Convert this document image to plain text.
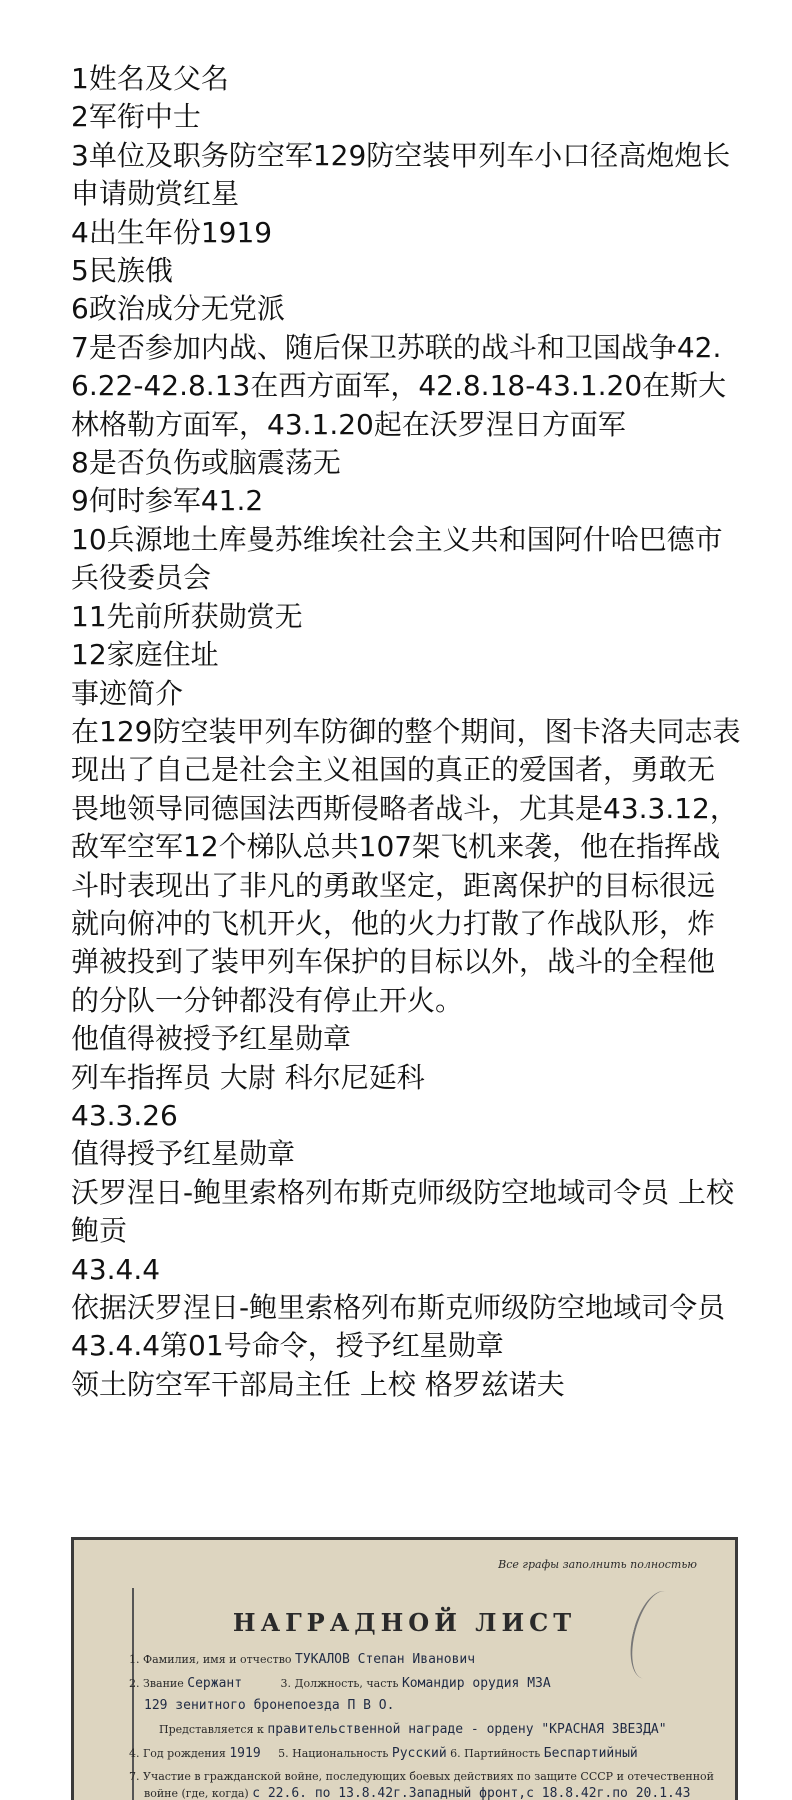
1姓名及父名

2军衔中士

3单位及职务防空军129防空装甲列车小口径高炮炮长

申请勋赏红星

4出生年份1919

5民族俄

6政治成分无党派

7是否参加内战、随后保卫苏联的战斗和卫国战争42.6.22-42.8.13在西方面军，42.8.18-43.1.20在斯大林格勒方面军，43.1.20起在沃罗涅日方面军

8是否负伤或脑震荡无

9何时参军41.2

10兵源地土库曼苏维埃社会主义共和国阿什哈巴德市兵役委员会

11先前所获勋赏无

12家庭住址

事迹简介

在129防空装甲列车防御的整个期间，图卡洛夫同志表现出了自己是社会主义祖国的真正的爱国者，勇敢无畏地领导同德国法西斯侵略者战斗，尤其是43.3.12，敌军空军12个梯队总共107架飞机来袭，他在指挥战斗时表现出了非凡的勇敢坚定，距离保护的目标很远就向俯冲的飞机开火，他的火力打散了作战队形，炸弹被投到了装甲列车保护的目标以外，战斗的全程他的分队一分钟都没有停止开火。

他值得被授予红星勋章

列车指挥员 大尉 科尔尼延科

43.3.26

值得授予红星勋章

沃罗涅日-鲍里索格列布斯克师级防空地域司令员 上校 鲍贡

43.4.4

依据沃罗涅日-鲍里索格列布斯克师级防空地域司令员43.4.4第01号命令，授予红星勋章

领土防空军干部局主任 上校 格罗兹诺夫

Все графы заполнить полностью
НАГРАДНОЙ ЛИСТ
1. Фамилия, имя и отчество ТУКАЛОВ Степан Иванович
2. Звание Сержант	3. Должность, часть Командир орудия МЗА
129 зенитного бронепоезда П В О.
Представляется к правительственной награде - ордену "КРАСНАЯ ЗВЕЗДА"
4. Год рождения 1919 5. Национальность Русский 6. Партийность Беспартийный
7. Участие в гражданской войне, последующих боевых действиях по защите СССР и отечественной
войне (где, когда) с 22.6. по 13.8.42г.Западный фронт,с 18.8.42г.по 20.1.43
